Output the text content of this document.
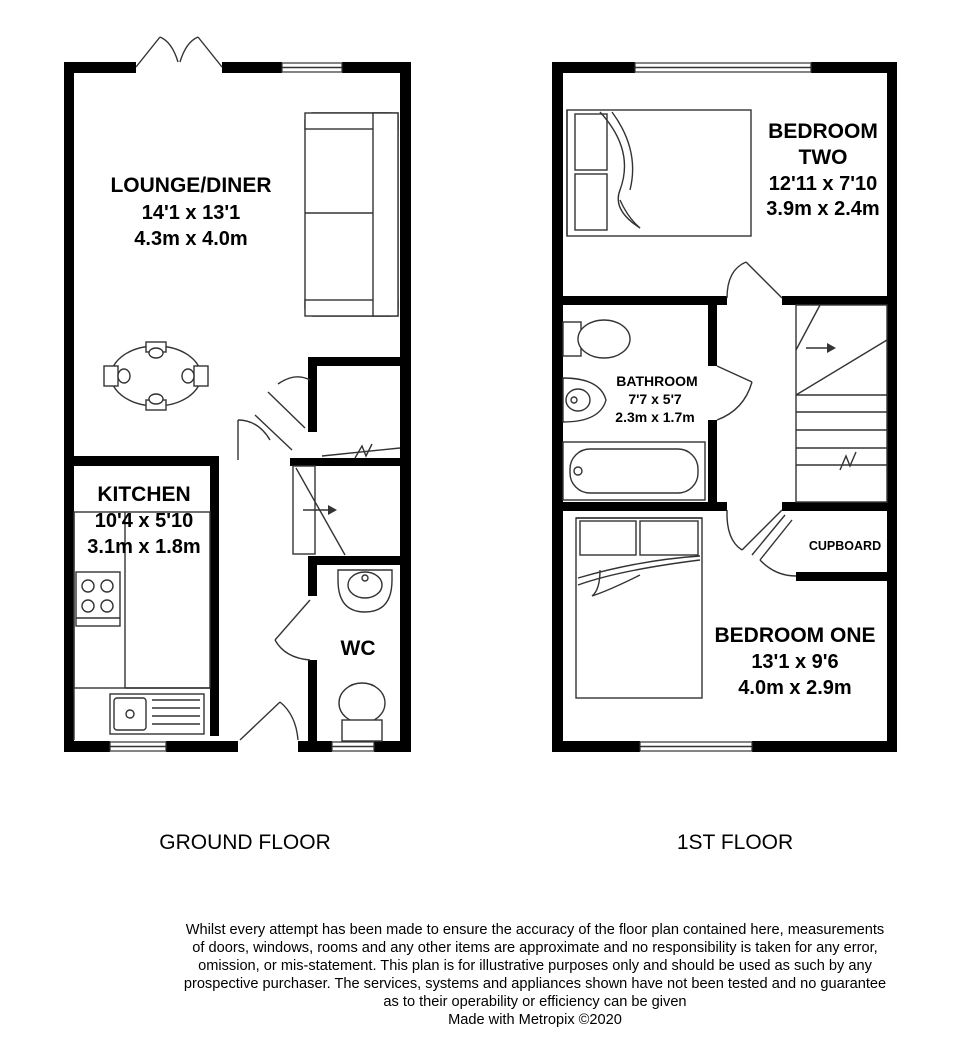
LOUNGE/DINER
14'1 x 13'1
4.3m x 4.0m
KITCHEN
10'4 x 5'10
3.1m x 1.8m
WC
GROUND FLOOR
BEDROOM
TWO
12'11 x 7'10
3.9m x 2.4m
BATHROOM
7'7 x 5'7
2.3m x 1.7m
CUPBOARD
BEDROOM ONE
13'1 x 9'6
4.0m x 2.9m
1ST FLOOR
Whilst every attempt has been made to ensure the accuracy of the floor plan contained here, measurements
of doors, windows, rooms and any other items are approximate and no responsibility is taken for any error,
omission, or mis-statement. This plan is for illustrative purposes only and should be used as such by any
prospective purchaser. The services, systems and appliances shown have not been tested and no guarantee
as to their operability or efficiency can be given
Made with Metropix ©2020
